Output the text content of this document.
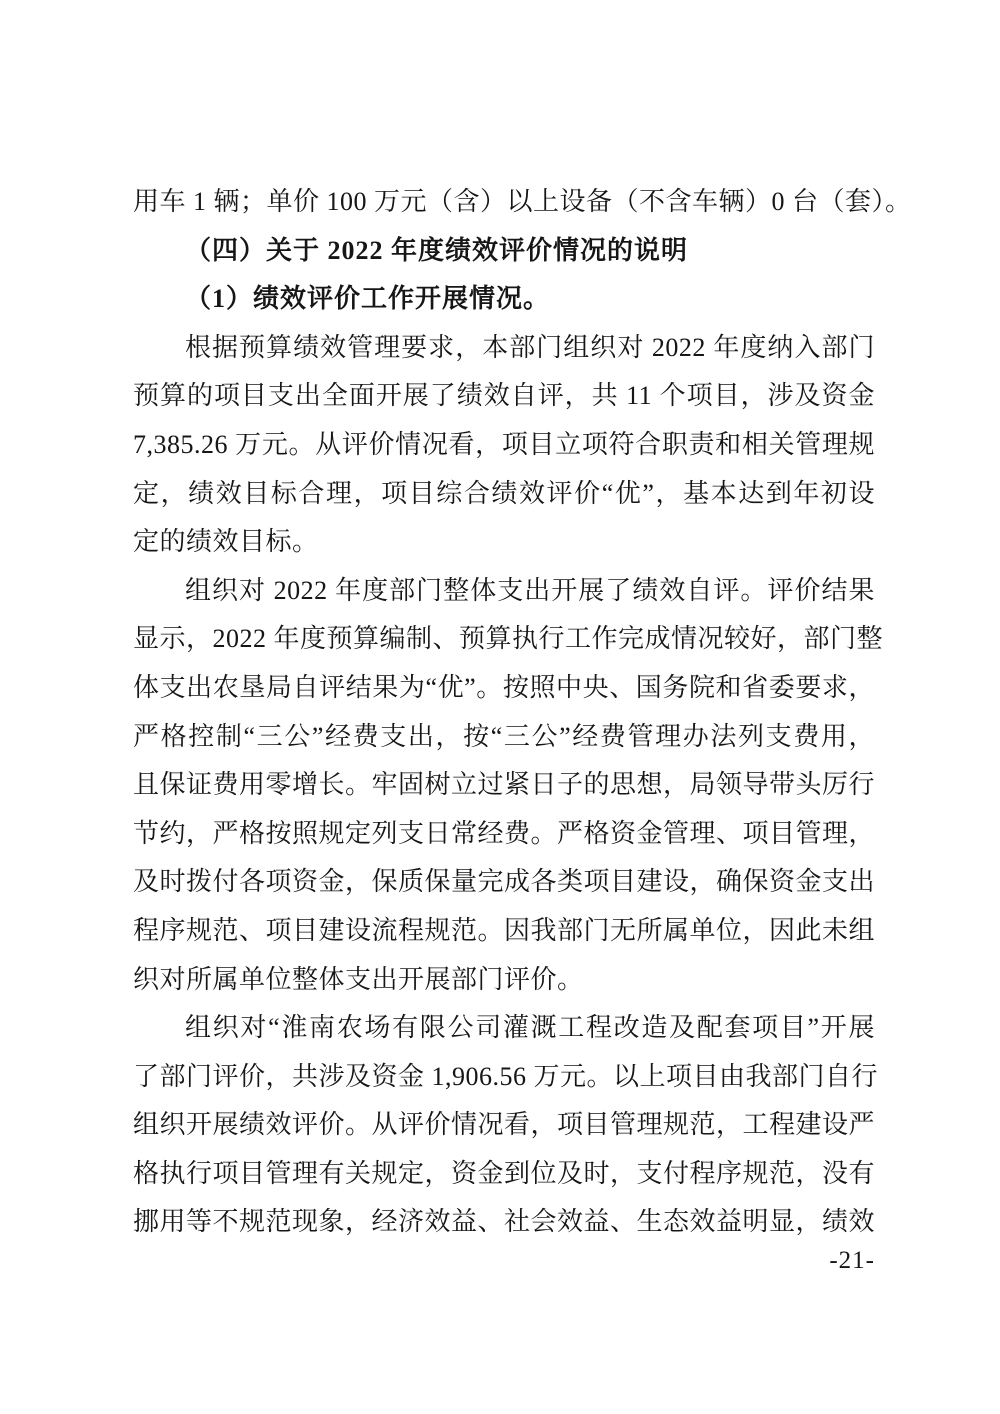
用车 1 辆；单价 100 万元（含）以上设备（不含车辆）0 台（套）。
（四）关于 2022 年度绩效评价情况的说明
（1）绩效评价工作开展情况。
根据预算绩效管理要求，本部门组织对 2022 年度纳入部门
预算的项目支出全面开展了绩效自评，共 11 个项目，涉及资金
7,385.26 万元。从评价情况看，项目立项符合职责和相关管理规
定，绩效目标合理，项目综合绩效评价“优”，基本达到年初设
定的绩效目标。
组织对 2022 年度部门整体支出开展了绩效自评。评价结果
显示，2022 年度预算编制、预算执行工作完成情况较好，部门整
体支出农垦局自评结果为“优”。按照中央、国务院和省委要求，
严格控制“三公”经费支出，按“三公”经费管理办法列支费用，
且保证费用零增长。牢固树立过紧日子的思想，局领导带头厉行
节约，严格按照规定列支日常经费。严格资金管理、项目管理，
及时拨付各项资金，保质保量完成各类项目建设，确保资金支出
程序规范、项目建设流程规范。因我部门无所属单位，因此未组
织对所属单位整体支出开展部门评价。
组织对“淮南农场有限公司灌溉工程改造及配套项目”开展
了部门评价，共涉及资金 1,906.56 万元。以上项目由我部门自行
组织开展绩效评价。从评价情况看，项目管理规范，工程建设严
格执行项目管理有关规定，资金到位及时，支付程序规范，没有
挪用等不规范现象，经济效益、社会效益、生态效益明显，绩效
-21-
